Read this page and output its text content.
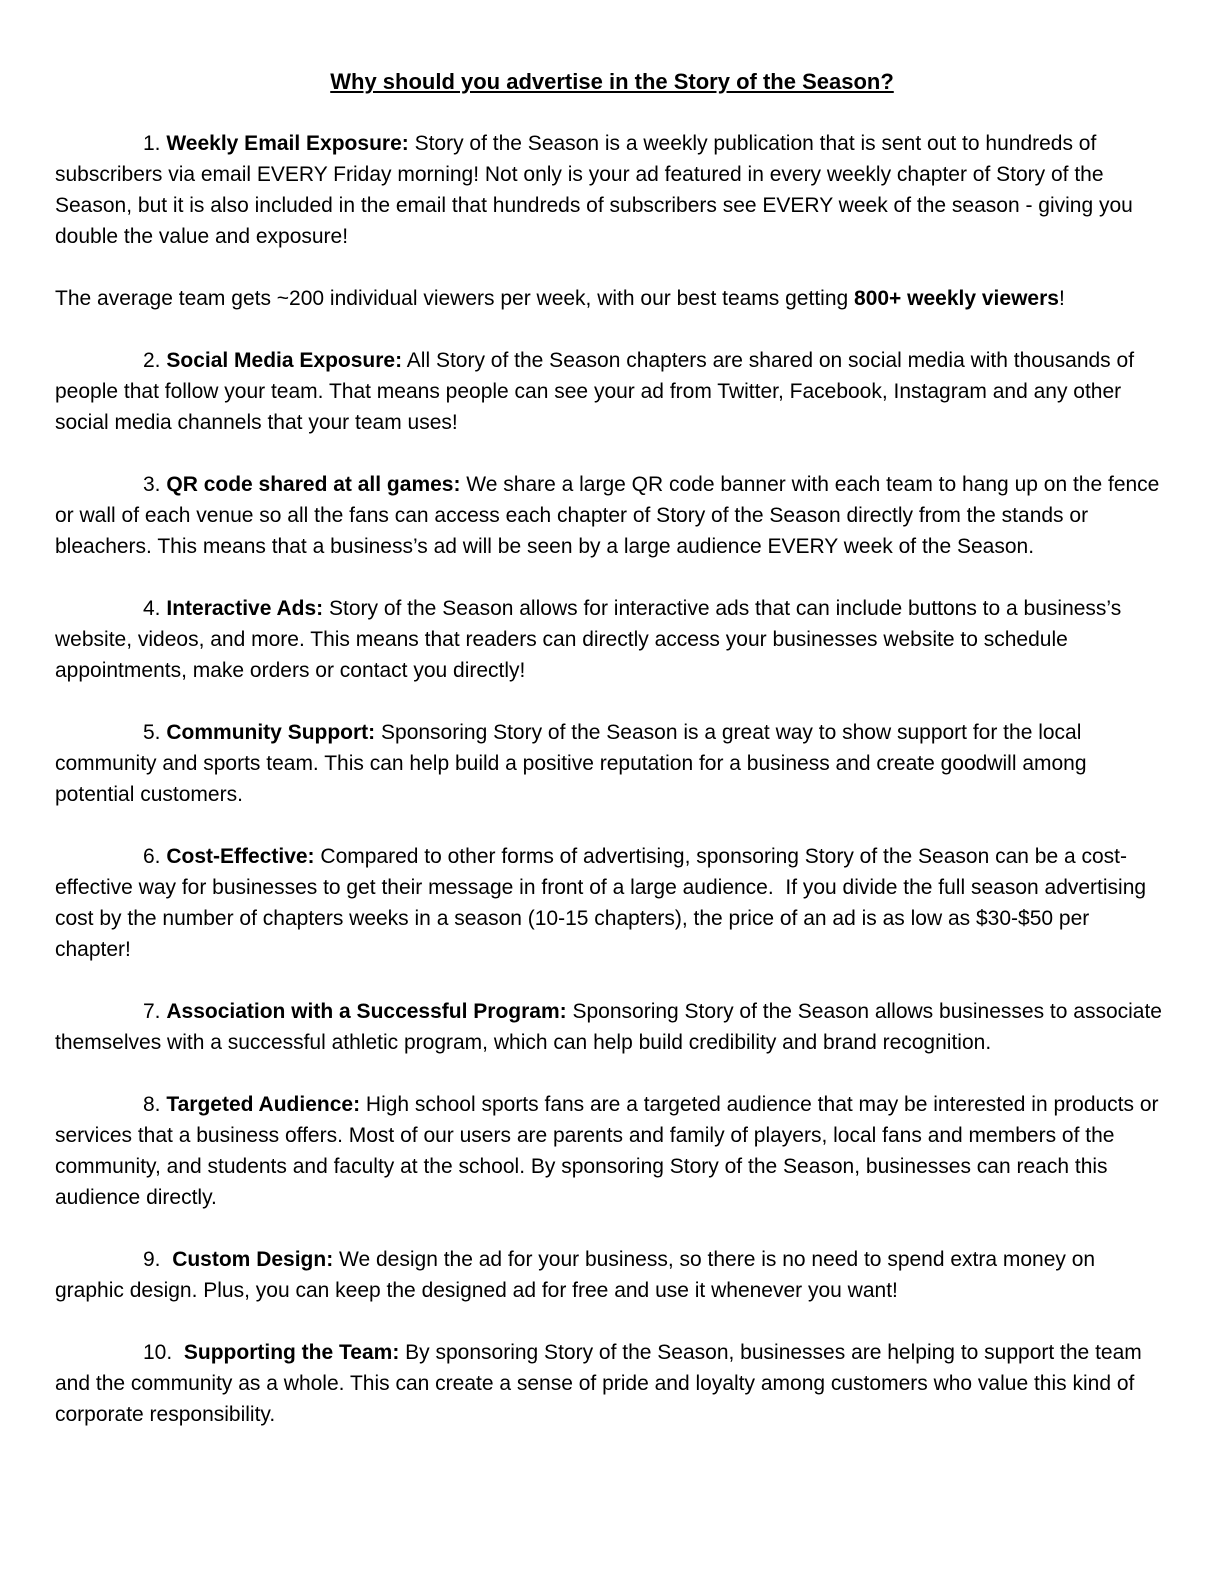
Why should you advertise in the Story of the Season?

1. Weekly Email Exposure: Story of the Season is a weekly publication that is sent out to hundreds of subscribers via email EVERY Friday morning! Not only is your ad featured in every weekly chapter of Story of the Season, but it is also included in the email that hundreds of subscribers see EVERY week of the season - giving you double the value and exposure!

The average team gets ~200 individual viewers per week, with our best teams getting 800+ weekly viewers!

2. Social Media Exposure: All Story of the Season chapters are shared on social media with thousands of people that follow your team. That means people can see your ad from Twitter, Facebook, Instagram and any other social media channels that your team uses!

3. QR code shared at all games: We share a large QR code banner with each team to hang up on the fence or wall of each venue so all the fans can access each chapter of Story of the Season directly from the stands or bleachers. This means that a business’s ad will be seen by a large audience EVERY week of the Season.

4. Interactive Ads: Story of the Season allows for interactive ads that can include buttons to a business’s website, videos, and more. This means that readers can directly access your businesses website to schedule appointments, make orders or contact you directly!

5. Community Support: Sponsoring Story of the Season is a great way to show support for the local community and sports team. This can help build a positive reputation for a business and create goodwill among potential customers.

6. Cost-Effective: Compared to other forms of advertising, sponsoring Story of the Season can be a cost-effective way for businesses to get their message in front of a large audience.  If you divide the full season advertising cost by the number of chapters weeks in a season (10-15 chapters), the price of an ad is as low as $30-$50 per chapter!

7. Association with a Successful Program: Sponsoring Story of the Season allows businesses to associate themselves with a successful athletic program, which can help build credibility and brand recognition.

8. Targeted Audience: High school sports fans are a targeted audience that may be interested in products or services that a business offers. Most of our users are parents and family of players, local fans and members of the community, and students and faculty at the school. By sponsoring Story of the Season, businesses can reach this audience directly.

9.  Custom Design: We design the ad for your business, so there is no need to spend extra money on graphic design. Plus, you can keep the designed ad for free and use it whenever you want!

10.  Supporting the Team: By sponsoring Story of the Season, businesses are helping to support the team and the community as a whole. This can create a sense of pride and loyalty among customers who value this kind of corporate responsibility.
